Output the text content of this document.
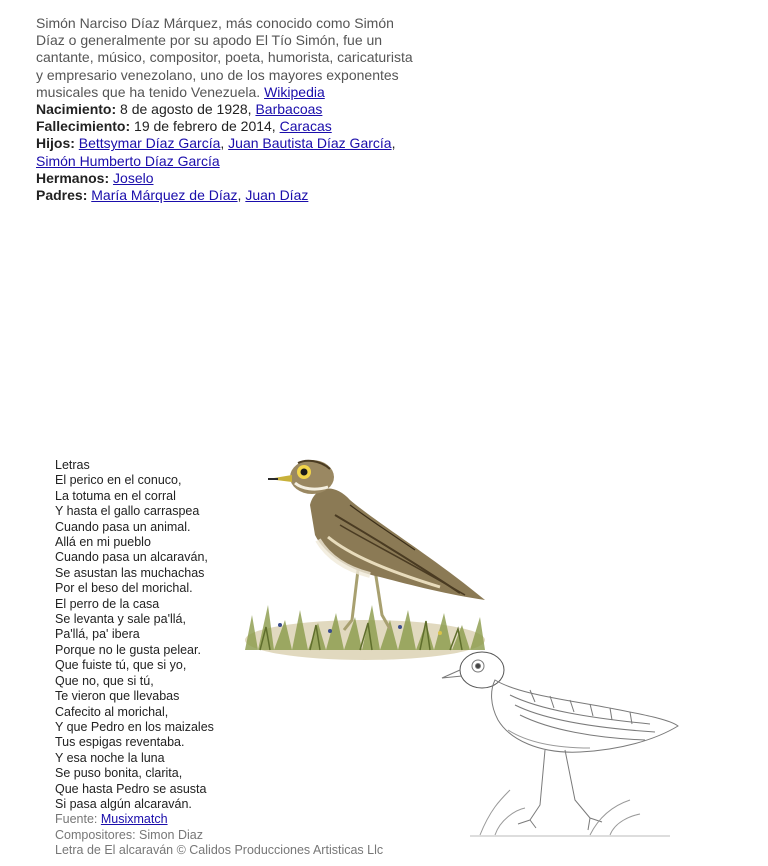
Simón Narciso Díaz Márquez, más conocido como Simón Díaz o generalmente por su apodo El Tío Simón, fue un cantante, músico, compositor, poeta, humorista, caricaturista y empresario venezolano, uno de los mayores exponentes musicales que ha tenido Venezuela. Wikipedia
Nacimiento: 8 de agosto de 1928, Barbacoas
Fallecimiento: 19 de febrero de 2014, Caracas
Hijos: Bettsymar Díaz García, Juan Bautista Díaz García, Simón Humberto Díaz García
Hermanos: Joselo
Padres: María Márquez de Díaz, Juan Díaz
Letras
El perico en el conuco,
La totuma en el corral
Y hasta el gallo carraspea
Cuando pasa un animal.
Allá en mi pueblo
Cuando pasa un alcaraván,
Se asustan las muchachas
Por el beso del morichal.
El perro de la casa
Se levanta y sale pa'llá,
Pa'llá, pa' ibera
Porque no le gusta pelear.
Que fuiste tú, que si yo,
Que no, que si tú,
Te vieron que llevabas
Cafecito al morichal,
Y que Pedro en los maizales
Tus espigas reventaba.
Y esa noche la luna
Se puso bonita, clarita,
Que hasta Pedro se asusta
Si pasa algún alcaraván.
Fuente: Musixmatch
Compositores: Simon Diaz
Letra de El alcaraván © Calidos Producciones Artisticas Llc
